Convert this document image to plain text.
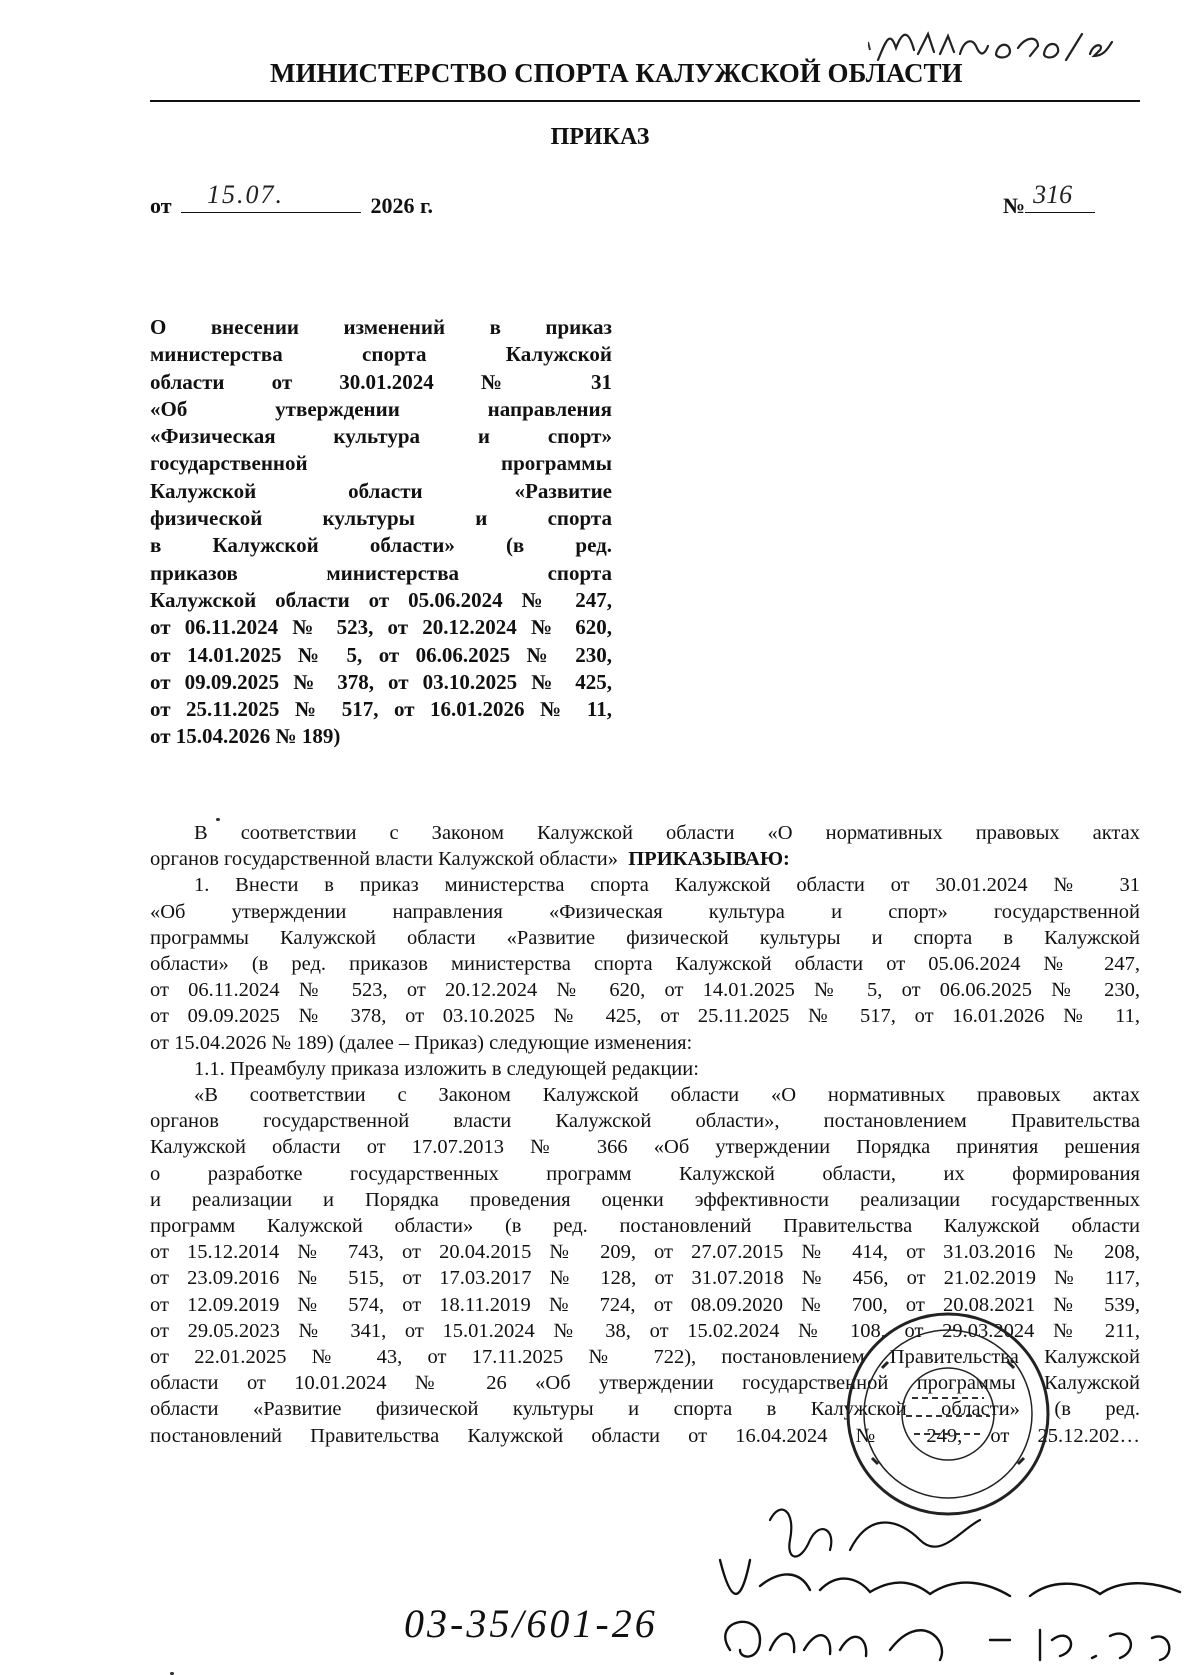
МИНИСТЕРСТВО СПОРТА КАЛУЖСКОЙ ОБЛАСТИ
ПРИКАЗ
от 15.07.	2026 г.	№ 316
О внесении изменений в приказ
министерства спорта Калужской
области от 30.01.2024 № 31
«Об утверждении направления
«Физическая культура и спорт»
государственной программы
Калужской области «Развитие
физической культуры и спорта
в Калужской области» (в ред.
приказов министерства спорта
Калужской области от 05.06.2024 № 247,
от 06.11.2024 № 523, от 20.12.2024 № 620,
от 14.01.2025 № 5, от 06.06.2025 № 230,
от 09.09.2025 № 378, от 03.10.2025 № 425,
от 25.11.2025 № 517, от 16.01.2026 № 11,
от 15.04.2026 № 189)
В соответствии с Законом Калужской области «О нормативных правовых актах
органов государственной власти Калужской области» ПРИКАЗЫВАЮ:
1. Внести в приказ министерства спорта Калужской области от 30.01.2024 № 31
«Об утверждении направления «Физическая культура и спорт» государственной
программы Калужской области «Развитие физической культуры и спорта в Калужской
области» (в ред. приказов министерства спорта Калужской области от 05.06.2024 № 247,
от 06.11.2024 № 523, от 20.12.2024 № 620, от 14.01.2025 № 5, от 06.06.2025 № 230,
от 09.09.2025 № 378, от 03.10.2025 № 425, от 25.11.2025 № 517, от 16.01.2026 № 11,
от 15.04.2026 № 189) (далее – Приказ) следующие изменения:
1.1. Преамбулу приказа изложить в следующей редакции:
«В соответствии с Законом Калужской области «О нормативных правовых актах
органов государственной власти Калужской области», постановлением Правительства
Калужской области от 17.07.2013 № 366 «Об утверждении Порядка принятия решения
о разработке государственных программ Калужской области, их формирования
и реализации и Порядка проведения оценки эффективности реализации государственных
программ Калужской области» (в ред. постановлений Правительства Калужской области
от 15.12.2014 № 743, от 20.04.2015 № 209, от 27.07.2015 № 414, от 31.03.2016 № 208,
от 23.09.2016 № 515, от 17.03.2017 № 128, от 31.07.2018 № 456, от 21.02.2019 № 117,
от 12.09.2019 № 574, от 18.11.2019 № 724, от 08.09.2020 № 700, от 20.08.2021 № 539,
от 29.05.2023 № 341, от 15.01.2024 № 38, от 15.02.2024 № 108, от 29.03.2024 № 211,
от 22.01.2025 № 43, от 17.11.2025 № 722), постановлением Правительства Калужской
области от 10.01.2024 № 26 «Об утверждении государственной программы Калужской
области «Развитие физической культуры и спорта в Калужской области» (в ред.
постановлений Правительства Калужской области от 16.04.2024 № 249, от 25.12.202…
03-35/601-26
